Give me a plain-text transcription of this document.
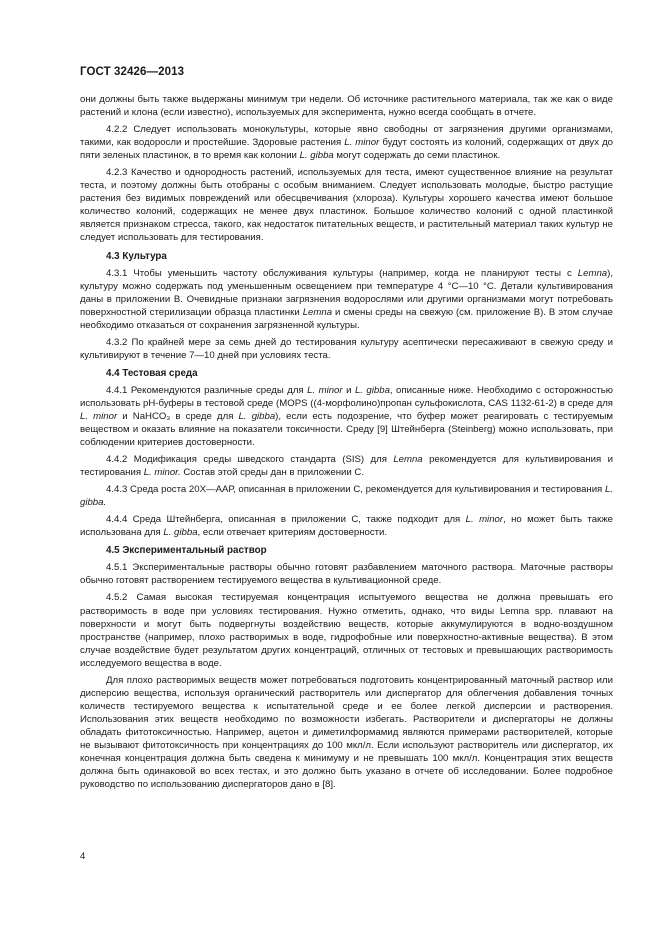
ГОСТ 32426—2013

они должны быть также выдержаны минимум три недели. Об источнике растительного материала, так же как о виде растений и клона (если известно), используемых для эксперимента, нужно всегда сообщать в отчете.

4.2.2 Следует использовать монокультуры, которые явно свободны от загрязнения другими организмами, такими, как водоросли и простейшие. Здоровые растения L. minor будут состоять из колоний, содержащих от двух до пяти зеленых пластинок, в то время как колонии L. gibba могут содержать до семи пластинок.

4.2.3 Качество и однородность растений, используемых для теста, имеют существенное влияние на результат теста, и поэтому должны быть отобраны с особым вниманием. Следует использовать молодые, быстро растущие растения без видимых повреждений или обесцвечивания (хлороза). Культуры хорошего качества имеют большое количество колоний, содержащих не менее двух пластинок. Большое количество колоний с одной пластинкой является признаком стресса, такого, как недостаток питательных веществ, и растительный материал таких культур не следует использовать для тестирования.

4.3 Культура

4.3.1 Чтобы уменьшить частоту обслуживания культуры (например, когда не планируют тесты с Lemna), культуру можно содержать под уменьшенным освещением при температуре 4 °С—10 °С. Детали культивирования даны в приложении В. Очевидные признаки загрязнения водорослями или другими организмами могут потребовать поверхностной стерилизации образца пластинки Lemna и смены среды на свежую (см. приложение В). В этом случае необходимо отказаться от сохранения загрязненной культуры.

4.3.2 По крайней мере за семь дней до тестирования культуру асептически пересаживают в свежую среду и культивируют в течение 7—10 дней при условиях теста.

4.4 Тестовая среда

4.4.1 Рекомендуются различные среды для L. minor и L. gibba, описанные ниже. Необходимо с осторожностью использовать рН-буферы в тестовой среде (MOPS ((4-морфолино)пропан сульфокислота, CAS 1132-61-2) в среде для L. minor и NaHCO₃ в среде для L. gibba), если есть подозрение, что буфер может реагировать с тестируемым веществом и оказать влияние на показатели токсичности. Среду [9] Штейнберга (Steinberg) можно использовать, при соблюдении критериев достоверности.

4.4.2 Модификация среды шведского стандарта (SIS) для Lemna рекомендуется для культивирования и тестирования L. minor. Состав этой среды дан в приложении С.

4.4.3 Среда роста 20X—ААР, описанная в приложении С, рекомендуется для культивирования и тестирования L. gibba.

4.4.4 Среда Штейнберга, описанная в приложении С, также подходит для L. minor, но может быть также использована для L. gibba, если отвечает критериям достоверности.

4.5 Экспериментальный раствор

4.5.1 Экспериментальные растворы обычно готовят разбавлением маточного раствора. Маточные растворы обычно готовят растворением тестируемого вещества в культивационной среде.

4.5.2 Самая высокая тестируемая концентрация испытуемого вещества не должна превышать его растворимость в воде при условиях тестирования. Нужно отметить, однако, что виды Lemna spp. плавают на поверхности и могут быть подвергнуты воздействию веществ, которые аккумулируются в водно-воздушном пространстве (например, плохо растворимых в воде, гидрофобные или поверхностно-активные вещества). В этом случае воздействие будет результатом других концентраций, отличных от тестовых и превышающих растворимость исследуемого вещества в воде.

Для плохо растворимых веществ может потребоваться подготовить концентрированный маточный раствор или дисперсию вещества, используя органический растворитель или диспергатор для облегчения добавления точных количеств тестируемого вещества к испытательной среде и ее более легкой дисперсии и растворения. Использования этих веществ необходимо по возможности избегать. Растворители и диспергаторы не должны обладать фитотоксичностью. Например, ацетон и диметилформамид являются примерами растворителей, которые не вызывают фитотоксичность при концентрациях до 100 мкл/л. Если используют растворитель или диспергатор, их конечная концентрация должна быть сведена к минимуму и не превышать 100 мкл/л. Концентрация этих веществ должна быть одинаковой во всех тестах, и это должно быть указано в отчете об исследовании. Более подробное руководство по использованию диспергаторов дано в [8].

4
